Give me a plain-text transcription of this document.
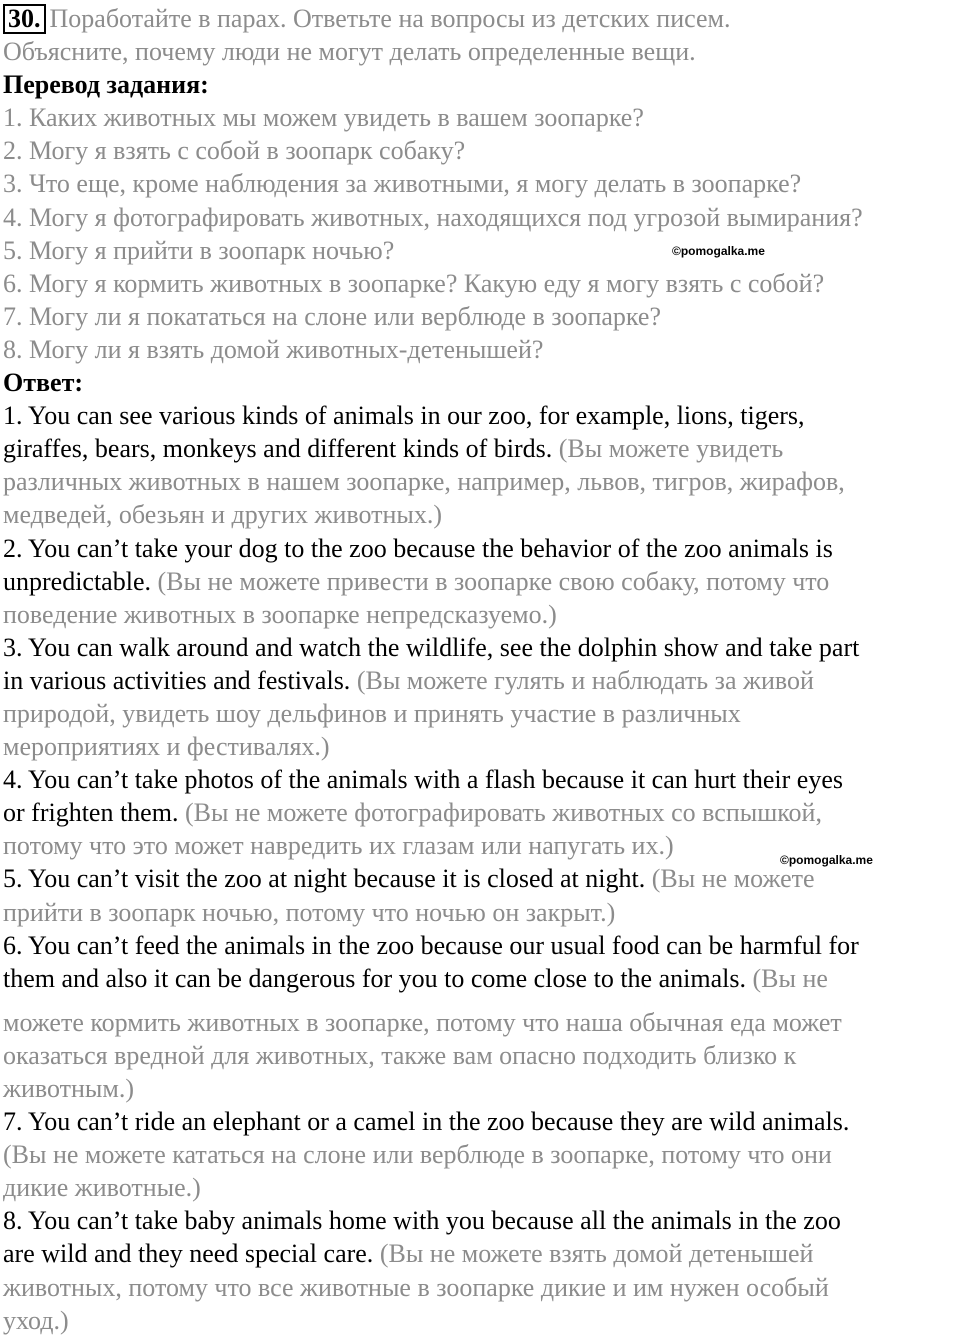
30. Поработайте в парах. Ответьте на вопросы из детских писем.
Объясните, почему люди не могут делать определенные вещи.
Перевод задания:
1. Каких животных мы можем увидеть в вашем зоопарке?
2. Могу я взять с собой в зоопарк собаку?
3. Что еще, кроме наблюдения за животными, я могу делать в зоопарке?
4. Могу я фотографировать животных, находящихся под угрозой вымирания?
5. Могу я прийти в зоопарк ночью?
6. Могу я кормить животных в зоопарке? Какую еду я могу взять с собой?
7. Могу ли я покататься на слоне или верблюде в зоопарке?
8. Могу ли я взять домой животных-детенышей?
Ответ:
1. You can see various kinds of animals in our zoo, for example, lions, tigers,
giraffes, bears, monkeys and different kinds of birds. (Вы можете увидеть
различных животных в нашем зоопарке, например, львов, тигров, жирафов,
медведей, обезьян и других животных.)
2. You can’t take your dog to the zoo because the behavior of the zoo animals is
unpredictable. (Вы не можете привести в зоопарке свою собаку, потому что
поведение животных в зоопарке непредсказуемо.)
3. You can walk around and watch the wildlife, see the dolphin show and take part
in various activities and festivals. (Вы можете гулять и наблюдать за живой
природой, увидеть шоу дельфинов и принять участие в различных
мероприятиях и фестивалях.)
4. You can’t take photos of the animals with a flash because it can hurt their eyes
or frighten them. (Вы не можете фотографировать животных со вспышкой,
потому что это может навредить их глазам или напугать их.)
5. You can’t visit the zoo at night because it is closed at night. (Вы не можете
прийти в зоопарк ночью, потому что ночью он закрыт.)
6. You can’t feed the animals in the zoo because our usual food can be harmful for
them and also it can be dangerous for you to come close to the animals. (Вы не
можете кормить животных в зоопарке, потому что наша обычная еда может
оказаться вредной для животных, также вам опасно подходить близко к
животным.)
7. You can’t ride an elephant or a camel in the zoo because they are wild animals.
(Вы не можете кататься на слоне или верблюде в зоопарке, потому что они
дикие животные.)
8. You can’t take baby animals home with you because all the animals in the zoo
are wild and they need special care. (Вы не можете взять домой детенышей
животных, потому что все животные в зоопарке дикие и им нужен особый
уход.)
©pomogalka.me
©pomogalka.me
